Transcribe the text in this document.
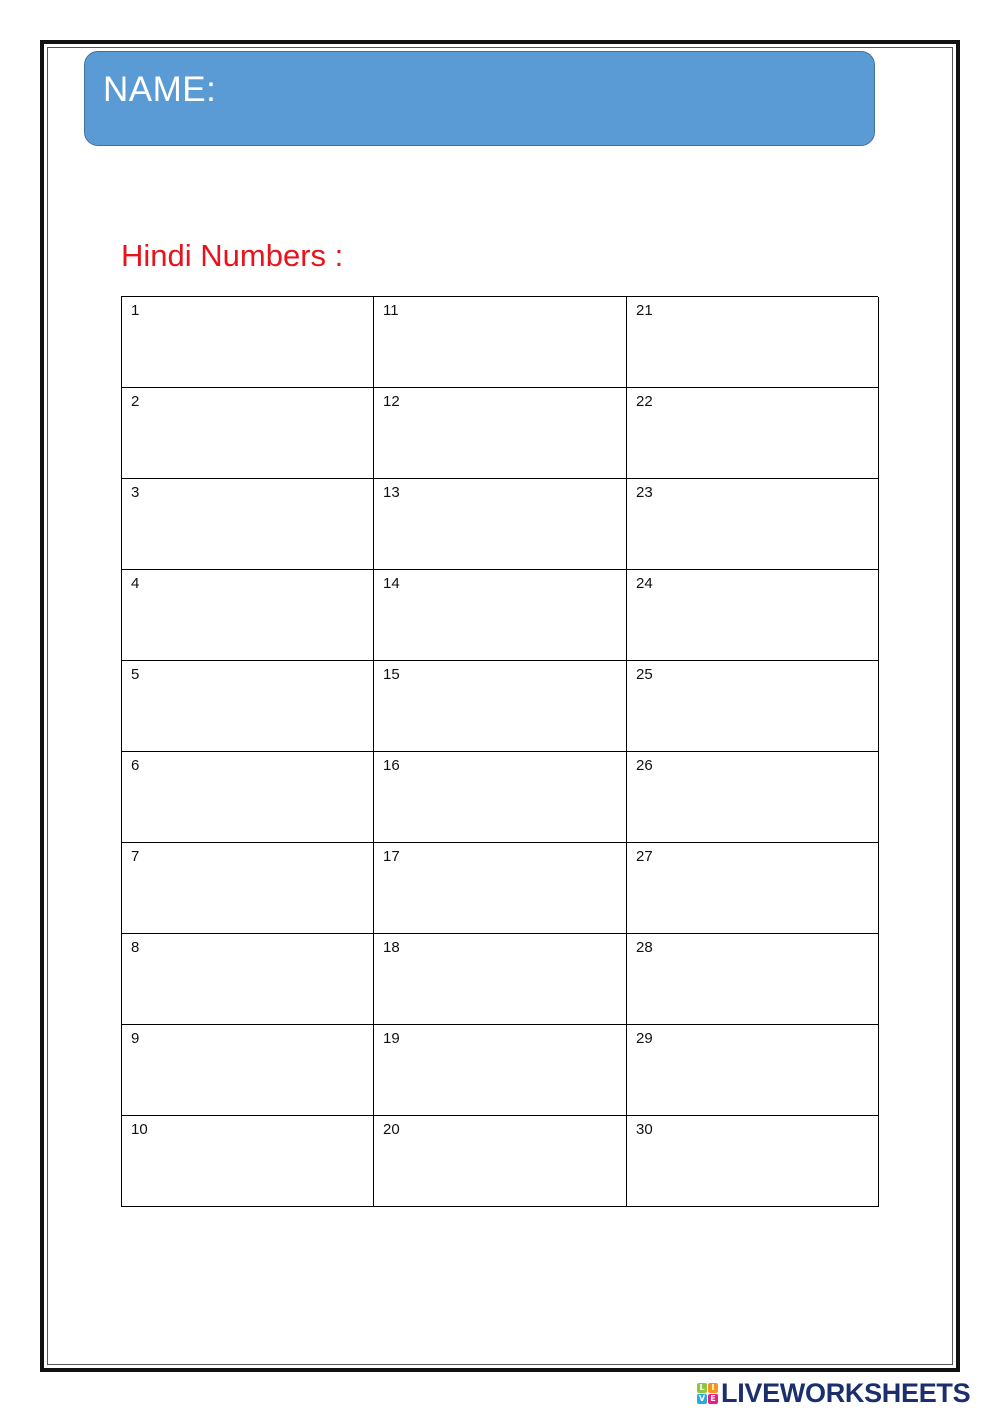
NAME:
Hindi Numbers :
1	11	21
2	12	22
3	13	23
4	14	24
5	15	25
6	16	26
7	17	27
8	18	28
9	19	29
10	20	30
L I
V E LIVEWORKSHEETS
